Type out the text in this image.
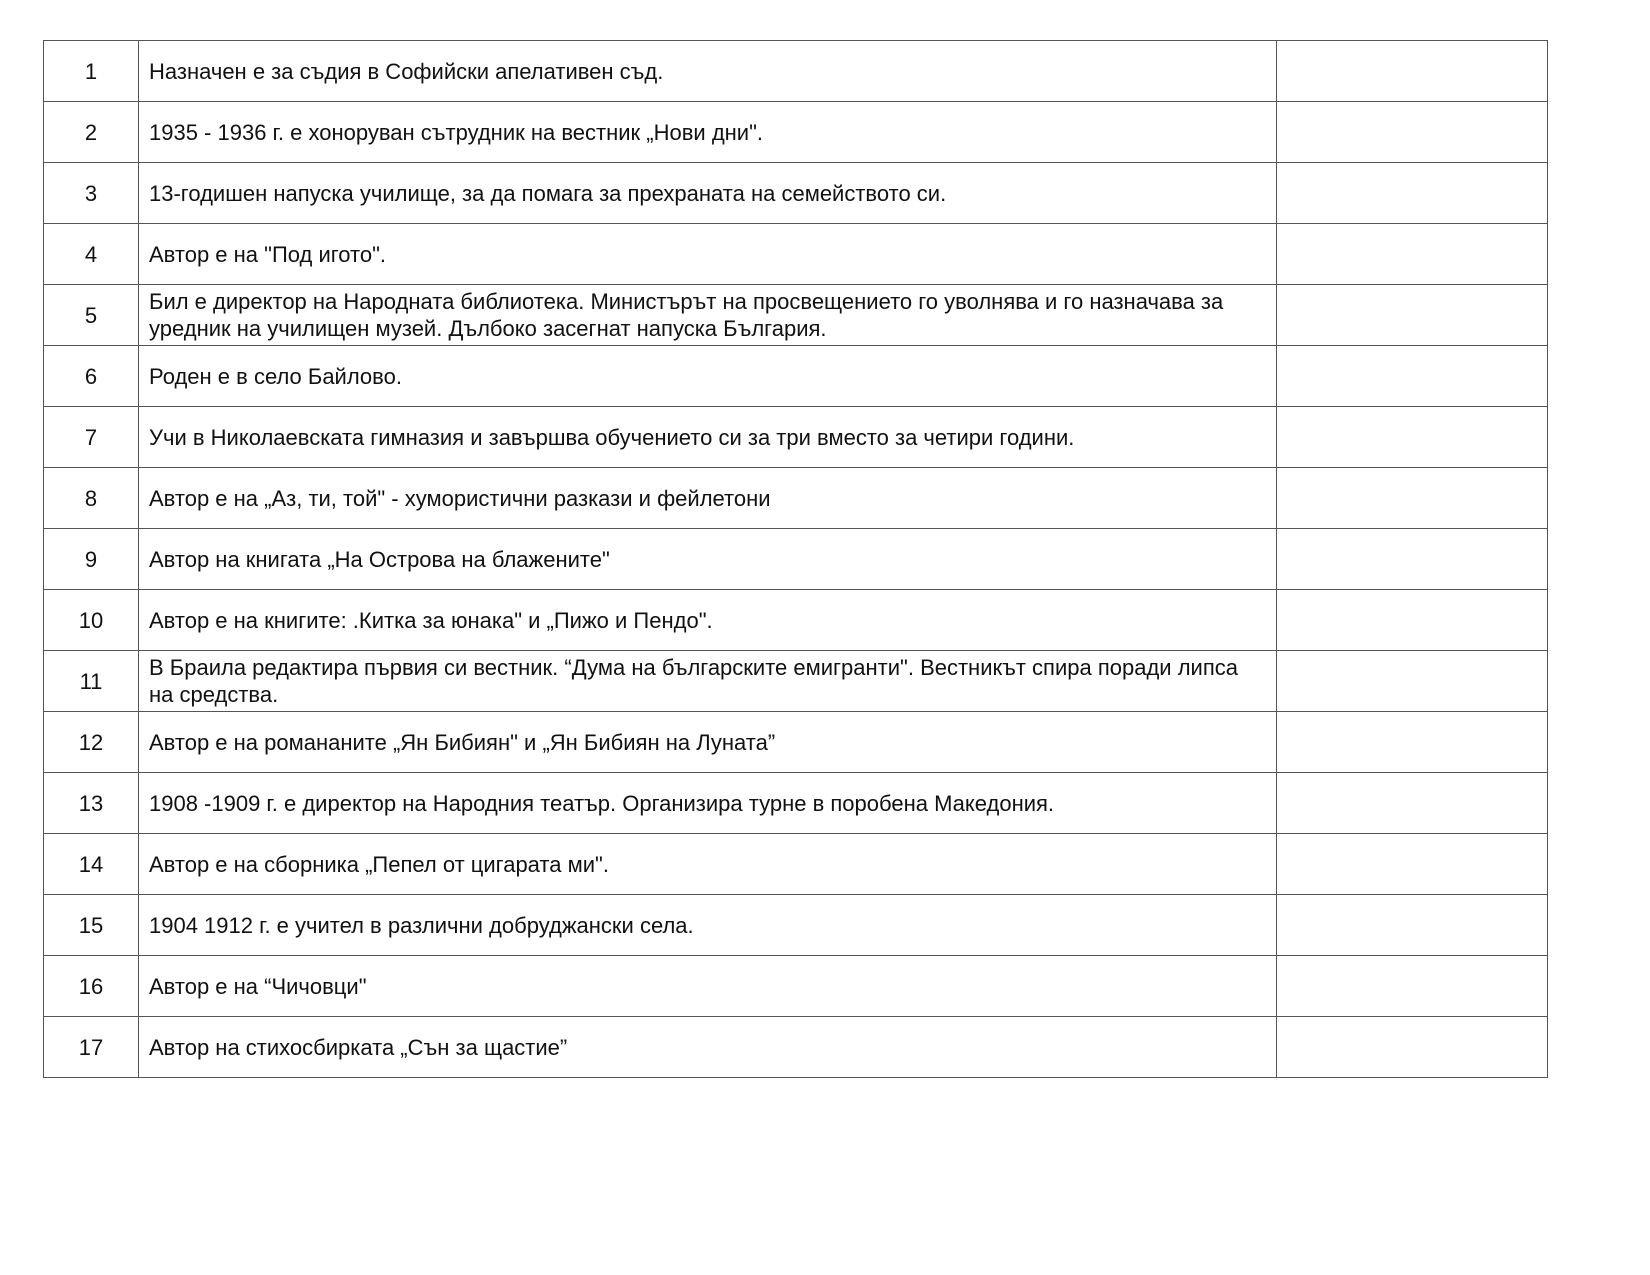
1	Назначен е за съдия в Софийски апелативен съд.	
2	1935 - 1936 г. е хоноруван сътрудник на вестник „Нови дни".	
3	13-годишен напуска училище, за да помага за прехраната на семейството си.	
4	Автор е на "Под игото".	
5	Бил е директор на Народната библиотека. Министърът на просвещението го уволнява и го назначава за уредник на училищен музей. Дълбоко засегнат напуска България.	
6	Роден е в село Байлово.	
7	Учи в Николаевската гимназия и завършва обучението си за три вместо за четири години.	
8	Автор е на „Аз, ти, той" - хумористични разкази и фейлетони	
9	Автор на книгата „На Острова на блажените"	
10	Автор е на книгите: .Китка за юнака" и „Пижо и Пендо".	
11	В Браила редактира първия си вестник. “Дума на българските емигранти". Вестникът спира поради липса на средства.	
12	Автор е на романаните „Ян Бибиян" и „Ян Бибиян на Луната”	
13	1908 -1909 г. е директор на Народния театър. Организира турне в поробена Македония.	
14	Автор е на сборника „Пепел от цигарата ми".	
15	1904 1912 г. е учител в различни добруджански села.	
16	Автор е на “Чичовци"	
17	Автор на стихосбирката „Сън за щастие”	
